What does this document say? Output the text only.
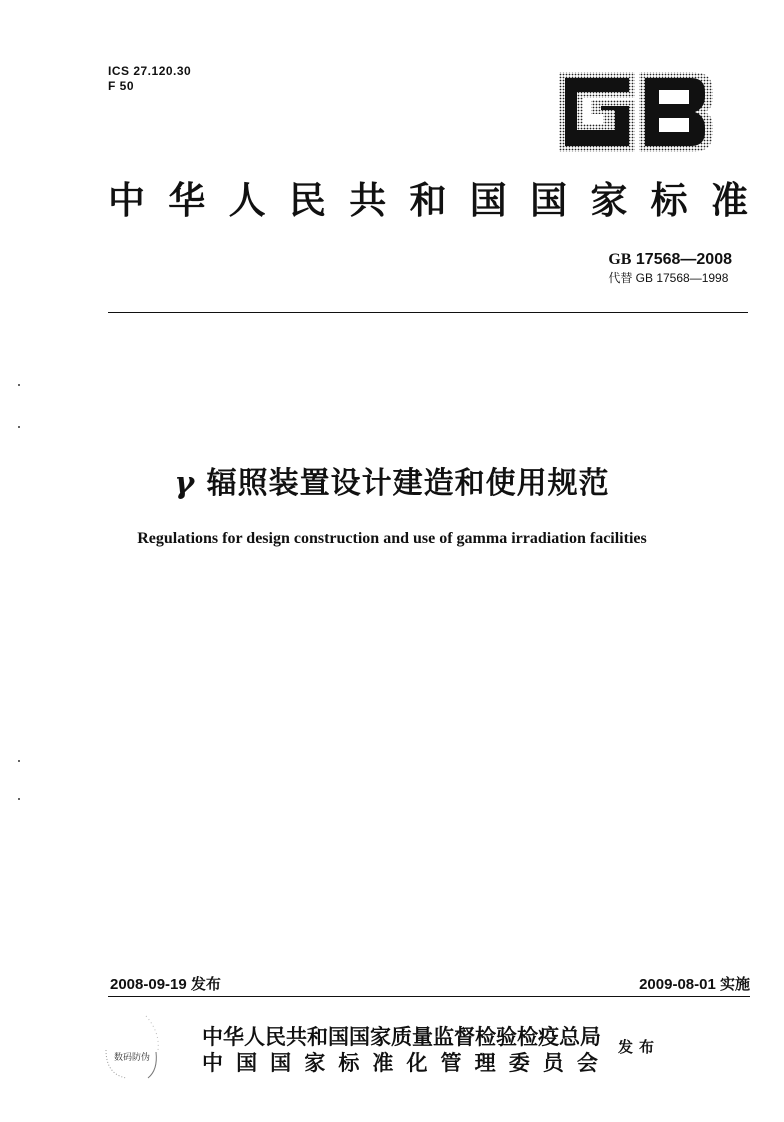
ICS 27.120.30
F 50
GB
中 华 人 民 共 和 国 国 家 标 准
GB 17568—2008
代替 GB 17568—1998
γ 辐照装置设计建造和使用规范
Regulations for design construction and use of gamma irradiation facilities
2008-09-19 发布	2009-08-01 实施
数码防伪
中华人民共和国国家质量监督检验检疫总局
中 国 国 家 标 准 化 管 理 委 员 会
发布
